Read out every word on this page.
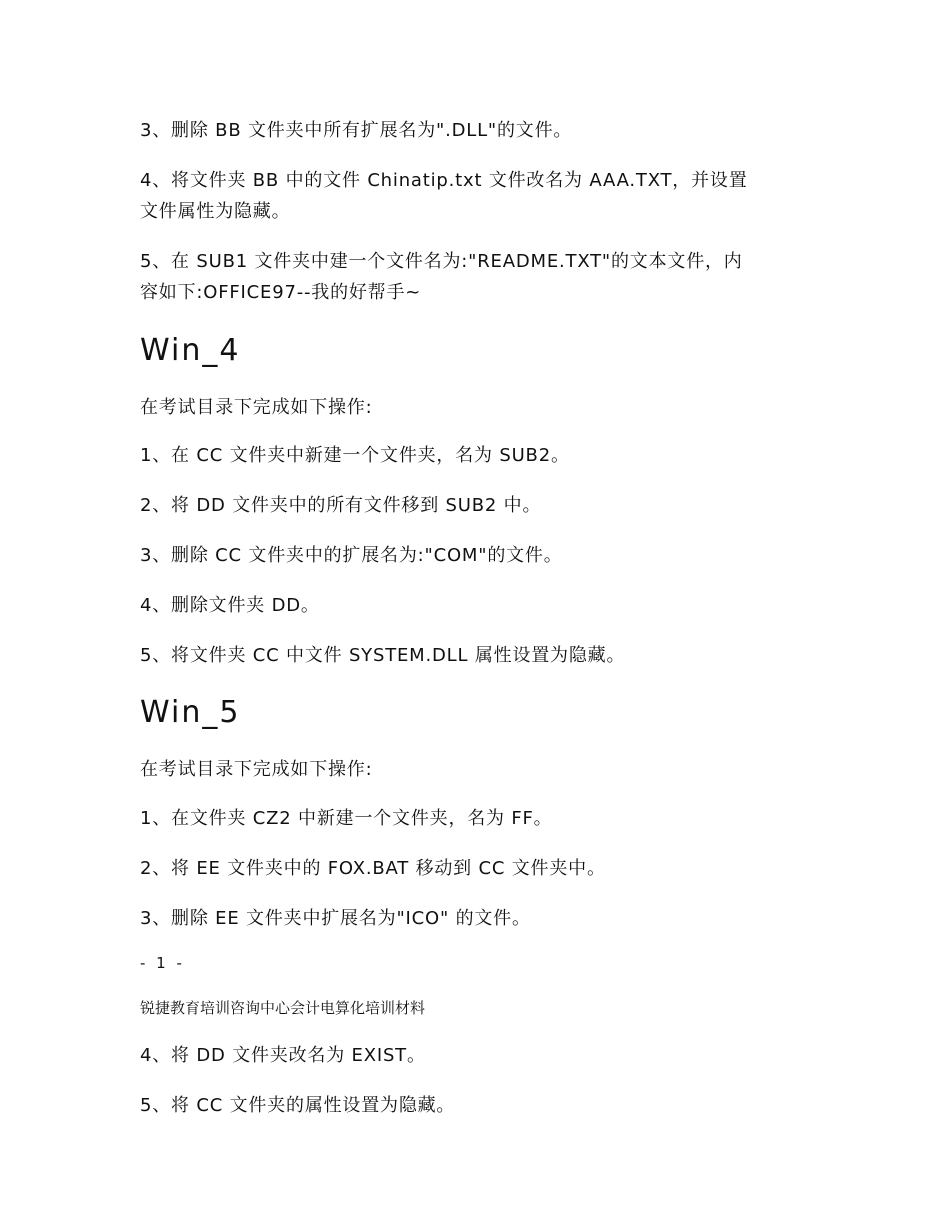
3、删除 BB 文件夹中所有扩展名为".DLL"的文件。
4、将文件夹 BB 中的文件 Chinatip.txt 文件改名为 AAA.TXT，并设置
文件属性为隐藏。
5、在 SUB1 文件夹中建一个文件名为:"README.TXT"的文本文件，内
容如下:OFFICE97--我的好帮手~
Win_4
在考试目录下完成如下操作:
1、在 CC 文件夹中新建一个文件夹，名为 SUB2。
2、将 DD 文件夹中的所有文件移到 SUB2 中。
3、删除 CC 文件夹中的扩展名为:"COM"的文件。
4、删除文件夹 DD。
5、将文件夹 CC 中文件 SYSTEM.DLL 属性设置为隐藏。
Win_5
在考试目录下完成如下操作:
1、在文件夹 CZ2 中新建一个文件夹，名为 FF。
2、将 EE 文件夹中的 FOX.BAT 移动到 CC 文件夹中。
3、删除 EE 文件夹中扩展名为"ICO" 的文件。
- 1 -
锐捷教育培训咨询中心会计电算化培训材料
4、将 DD 文件夹改名为 EXIST。
5、将 CC 文件夹的属性设置为隐藏。
